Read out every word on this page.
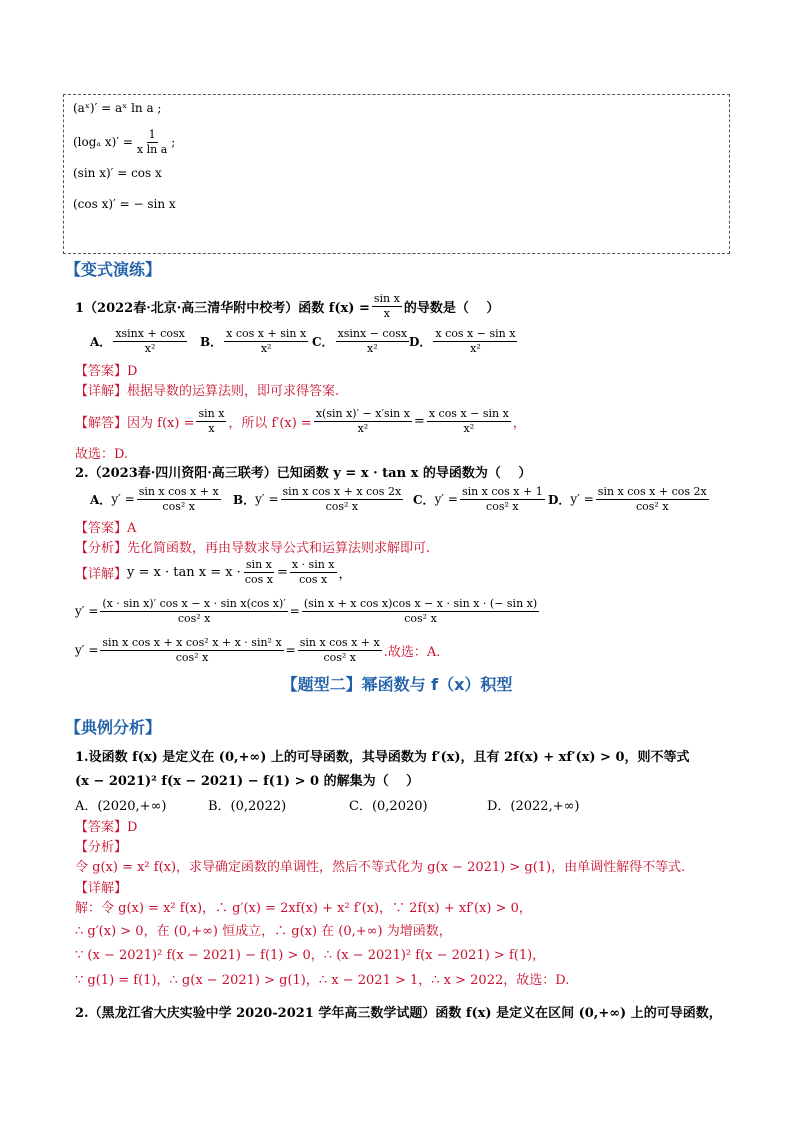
(aˣ)′ = aˣ ln a ;
(logₐ $x)' = \frac{1}{\text{x ln a}}$ ;
(sin x)′ = cos x
(cos x)′ = − sin x
【变式演练】
1（2022春·北京·高三清华附中校考）函数 $f(x) = \frac{\text{sin x}}{x}$ 的导数是（　 ）
A． $\frac{xsinx + \cos x}{\text{x²}}$ B． $\frac{\text{x cos x + sin x}}{\text{x²}}$ C． $\frac{xsinx - \cos x}{\text{x²}}$ D． $\frac{\text{x cos x − sin x}}{\text{x²}}$
【答案】D
【详解】根据导数的运算法则，即可求得答案.
【解答】 因为 $f(x) = \frac{\text{sin x}}{x}$ ，所以 $f'(x) = \frac{\text{x(sin x)′ − x′sin x}}{\text{x²}} = \frac{\text{x cos x − sin x}}{\text{x²}}$ ，
故选：D.
2.（2023春·四川资阳·高三联考）已知函数 y = x · tan x 的导函数为（　 ）
A． $y' = \frac{\text{sin x cos x + x}}{\text{cos² x}}$ B． $y' = \frac{\text{sin x cos x + x cos 2x}}{\text{cos² x}}$ C． $y' = \frac{\text{sin x cos x + 1}}{\text{cos² x}}$ D． $y' = \frac{\text{sin x cos x + cos 2x}}{\text{cos² x}}$
【答案】A
【分析】先化简函数，再由导数求导公式和运算法则求解即可.
【详解】 $y = x \cdot \tan x = x \cdot \frac{\text{sin x}}{\text{cos x}} = \frac{\text{x · sin x}}{\text{cos x}}$ ，
$y' = \frac{\text{(x · sin x)′ cos x − x · sin x(cos x)′}}{\text{cos² x}} = \frac{\text{(sin x + x cos x)cos x − x · sin x · (− sin x)}}{\text{cos² x}}$
$y' = \frac{\text{sin x cos x + x cos² x + x · sin² x}}{\text{cos² x}} = \frac{\text{sin x cos x + x}}{\text{cos² x}}$ .故选：A.
【题型二】幂函数与 f（x）积型
【典例分析】
1.设函数 f(x) 是定义在 (0,+∞) 上的可导函数，其导函数为 f′(x)，且有 2f(x) + xf′(x) > 0，则不等式
(x − 2021)² f(x − 2021) − f(1) > 0 的解集为（　 ）
A．(2020,+∞)	B．(0,2022)	C．(0,2020)	D．(2022,+∞)
【答案】D
【分析】
令 g(x) = x² f(x)，求导确定函数的单调性，然后不等式化为 g(x − 2021) > g(1)，由单调性解得不等式.
【详解】
解：令 g(x) = x² f(x)，∴ g′(x) = 2xf(x) + x² f′(x)，∵ 2f(x) + xf′(x) > 0，
∴ g′(x) > 0，在 (0,+∞) 恒成立，∴ g(x) 在 (0,+∞) 为增函数，
∵ (x − 2021)² f(x − 2021) − f(1) > 0，∴ (x − 2021)² f(x − 2021) > f(1)，
∵ g(1) = f(1)，∴ g(x − 2021) > g(1)，∴ x − 2021 > 1，∴ x > 2022，故选：D.
2.（黑龙江省大庆实验中学 2020-2021 学年高三数学试题）函数 f(x) 是定义在区间 (0,+∞) 上的可导函数，
